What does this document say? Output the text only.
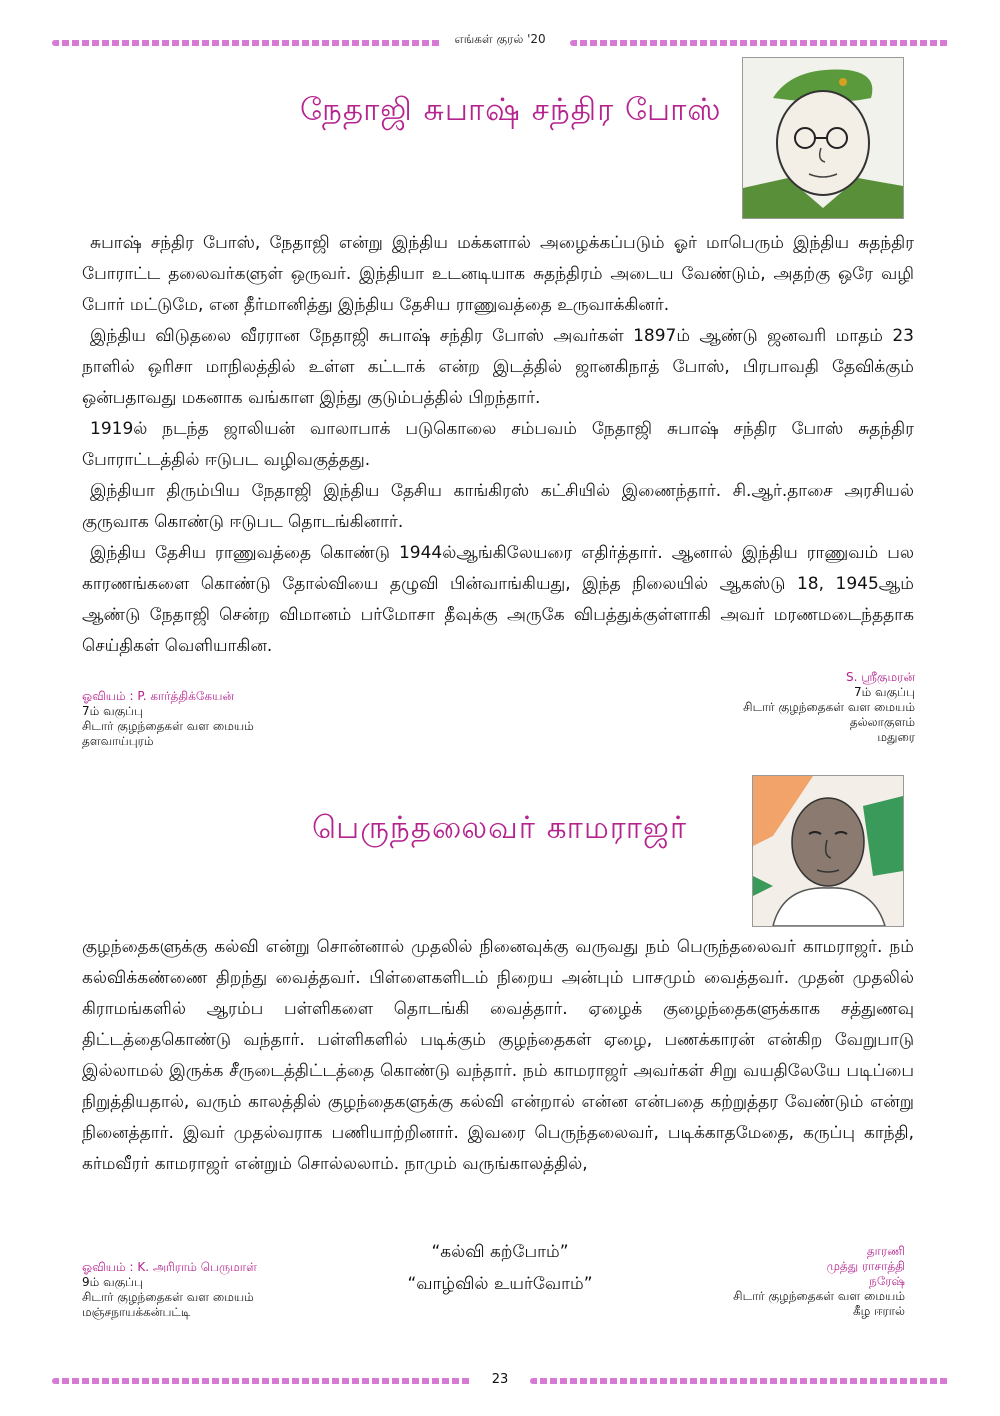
எங்கள் குரல் '20
நேதாஜி சுபாஷ் சந்திர போஸ்

சுபாஷ் சந்திர போஸ், நேதாஜி என்று இந்திய மக்களால் அழைக்கப்படும் ஓர் மாபெரும் இந்திய சுதந்திர போராட்ட தலைவர்களுள் ஒருவர். இந்தியா உடனடியாக சுதந்திரம் அடைய வேண்டும், அதற்கு ஒரே வழி போர் மட்டுமே, என தீர்மானித்து இந்திய தேசிய ராணுவத்தை உருவாக்கினர்.

இந்திய விடுதலை வீரரான நேதாஜி சுபாஷ் சந்திர போஸ் அவர்கள் 1897ம் ஆண்டு ஜனவரி மாதம் 23 நாளில் ஒரிசா மாநிலத்தில் உள்ள கட்டாக் என்ற இடத்தில் ஜானகிநாத் போஸ், பிரபாவதி தேவிக்கும் ஒன்பதாவது மகனாக வங்காள இந்து குடும்பத்தில் பிறந்தார்.

1919ல் நடந்த ஜாலியன் வாலாபாக் படுகொலை சம்பவம் நேதாஜி சுபாஷ் சந்திர போஸ் சுதந்திர போராட்டத்தில் ஈடுபட வழிவகுத்தது.

இந்தியா திரும்பிய நேதாஜி இந்திய தேசிய காங்கிரஸ் கட்சியில் இணைந்தார். சி.ஆர்.தாசை அரசியல் குருவாக கொண்டு ஈடுபட தொடங்கினார்.

இந்திய தேசிய ராணுவத்தை கொண்டு 1944ல்ஆங்கிலேயரை எதிர்த்தார். ஆனால் இந்திய ராணுவம் பல காரணங்களை கொண்டு தோல்வியை தழுவி பின்வாங்கியது, இந்த நிலையில் ஆகஸ்டு 18, 1945ஆம் ஆண்டு நேதாஜி சென்ற விமானம் பர்மோசா தீவுக்கு அருகே விபத்துக்குள்ளாகி அவர் மரணமடைந்ததாக செய்திகள் வெளியாகின.

ஓவியம் : P. கார்த்திக்கேயன்
7ம் வகுப்பு
சிடார் குழந்தைகள் வள மையம்
தளவாய்புரம்
S. ஸ்ரீகுமரன்
7ம் வகுப்பு
சிடார் குழந்தைகள் வள மையம்
தல்லாகுளம்
மதுரை
பெருந்தலைவர் காமராஜர்

குழந்தைகளுக்கு கல்வி என்று சொன்னால் முதலில் நினைவுக்கு வருவது நம் பெருந்தலைவர் காமராஜர். நம் கல்விக்கண்ணை திறந்து வைத்தவர். பிள்ளைகளிடம் நிறைய அன்பும் பாசமும் வைத்தவர். முதன் முதலில் கிராமங்களில் ஆரம்ப பள்ளிகளை தொடங்கி வைத்தார். ஏழைக் குழைந்தைகளுக்காக சத்துணவு திட்டத்தைகொண்டு வந்தார். பள்ளிகளில் படிக்கும் குழந்தைகள் ஏழை, பணக்காரன் என்கிற வேறுபாடு இல்லாமல் இருக்க சீருடைத்திட்டத்தை கொண்டு வந்தார். நம் காமராஜர் அவர்கள் சிறு வயதிலேயே படிப்பை நிறுத்தியதால், வரும் காலத்தில் குழந்தைகளுக்கு கல்வி என்றால் என்ன என்பதை கற்றுத்தர வேண்டும் என்று நினைத்தார். இவர் முதல்வராக பணியாற்றினார். இவரை பெருந்தலைவர், படிக்காதமேதை, கருப்பு காந்தி, கர்மவீரர் காமராஜர் என்றும் சொல்லலாம். நாமும் வருங்காலத்தில்,

“கல்வி கற்போம்”
“வாழ்வில் உயர்வோம்”
ஓவியம் : K. அரிராம் பெருமாள்
9ம் வகுப்பு
சிடார் குழந்தைகள் வள மையம்
மஞ்சநாயக்கன்பட்டி
தாரணி
முத்து ராசாத்தி
நரேஷ்
சிடார் குழந்தைகள் வள மையம்
கீழ ஈரால்
23
